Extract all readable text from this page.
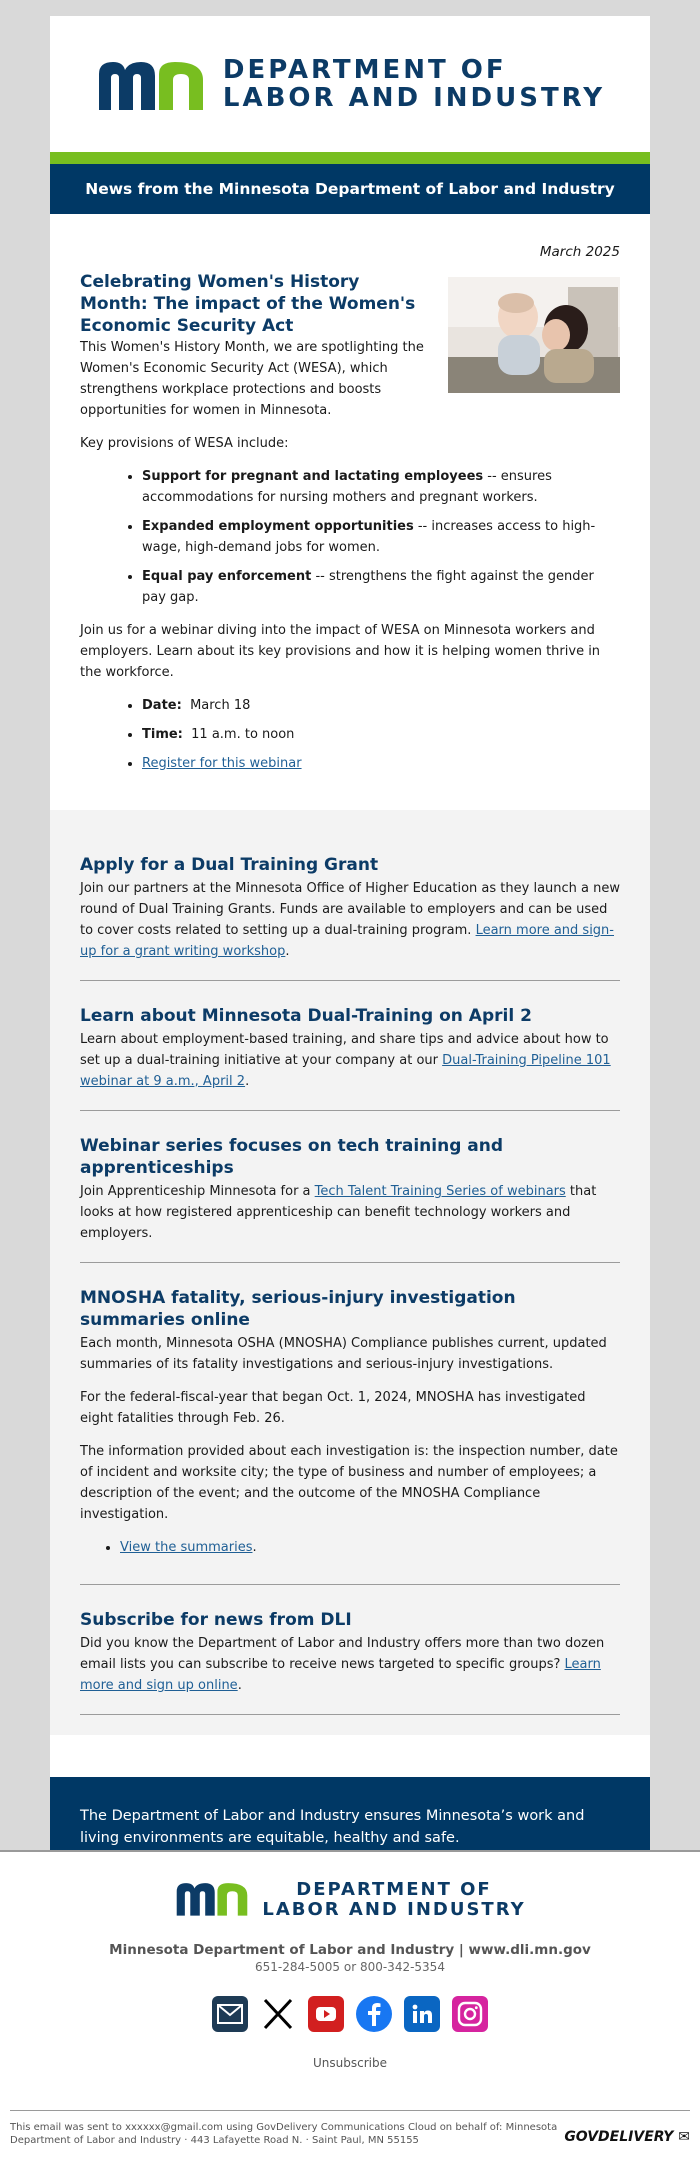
DEPARTMENT OF
LABOR AND INDUSTRY
News from the Minnesota Department of Labor and Industry
March 2025
Celebrating Women's History Month: The impact of the Women's Economic Security Act

This Women's History Month, we are spotlighting the Women's Economic Security Act (WESA), which strengthens workplace protections and boosts opportunities for women in Minnesota.

Key provisions of WESA include:

• Support for pregnant and lactating employees -- ensures accommodations for nursing mothers and pregnant workers.
• Expanded employment opportunities -- increases access to high-wage, high-demand jobs for women.
• Equal pay enforcement -- strengthens the fight against the gender pay gap.

Join us for a webinar diving into the impact of WESA on Minnesota workers and employers. Learn about its key provisions and how it is helping women thrive in the workforce.

• Date: March 18
• Time: 11 a.m. to noon
• Register for this webinar
Apply for a Dual Training Grant

Join our partners at the Minnesota Office of Higher Education as they launch a new round of Dual Training Grants. Funds are available to employers and can be used to cover costs related to setting up a dual-training program. Learn more and sign-up for a grant writing workshop.

Learn about Minnesota Dual-Training on April 2

Learn about employment-based training, and share tips and advice about how to set up a dual-training initiative at your company at our Dual-Training Pipeline 101 webinar at 9 a.m., April 2.

Webinar series focuses on tech training and apprenticeships

Join Apprenticeship Minnesota for a Tech Talent Training Series of webinars that looks at how registered apprenticeship can benefit technology workers and employers.

MNOSHA fatality, serious-injury investigation summaries online

Each month, Minnesota OSHA (MNOSHA) Compliance publishes current, updated summaries of its fatality investigations and serious-injury investigations.

For the federal-fiscal-year that began Oct. 1, 2024, MNOSHA has investigated eight fatalities through Feb. 26.

The information provided about each investigation is: the inspection number, date of incident and worksite city; the type of business and number of employees; a description of the event; and the outcome of the MNOSHA Compliance investigation.

• View the summaries.
Subscribe for news from DLI

Did you know the Department of Labor and Industry offers more than two dozen email lists you can subscribe to receive news targeted to specific groups? Learn more and sign up online.

The Department of Labor and Industry ensures Minnesota’s work and living environments are equitable, healthy and safe.
DEPARTMENT OF
LABOR AND INDUSTRY
Minnesota Department of Labor and Industry | www.dli.mn.gov
651-284-5005 or 800-342-5354
Unsubscribe
This email was sent to xxxxxx@gmail.com using GovDelivery Communications Cloud on behalf of: Minnesota Department of Labor and Industry · 443 Lafayette Road N. · Saint Paul, MN 55155	GOVDELIVERY ✉
